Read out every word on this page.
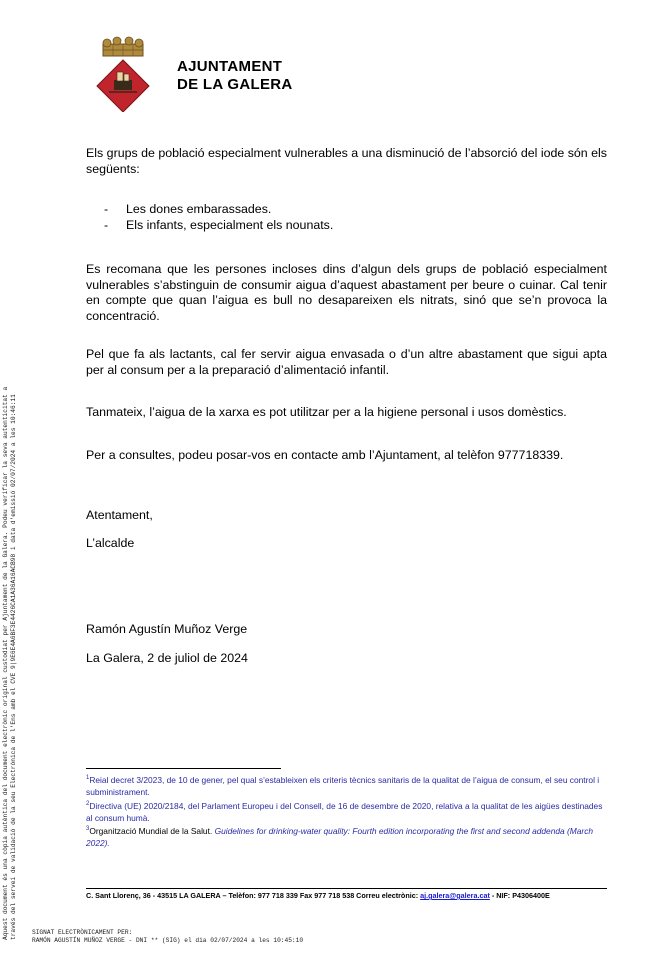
AJUNTAMENT
DE LA GALERA
Els grups de població especialment vulnerables a una disminució de l’absorció del iode són els següents:
-	Les dones embarassades.
-	Els infants, especialment els nounats.
Es recomana que les persones incloses dins d’algun dels grups de població especialment vulnerables s’abstinguin de consumir aigua d’aquest abastament per beure o cuinar. Cal tenir en compte que quan l’aigua es bull no desapareixen els nitrats, sinó que se’n provoca la concentració.
Pel que fa als lactants, cal fer servir aigua envasada o d’un altre abastament que sigui apta per al consum per a la preparació d’alimentació infantil.
Tanmateix, l’aigua de la xarxa es pot utilitzar per a la higiene personal i usos domèstics.
Per a consultes, podeu posar-vos en contacte amb l’Ajuntament, al telèfon 977718339.
Atentament,
L’alcalde
Ramón Agustín Muñoz Verge
La Galera, 2 de juliol de 2024
$^1$Reial decret 3/2023, de 10 de gener, pel qual s’estableixen els criteris tècnics sanitaris de la qualitat de l’aigua de consum, el seu control i subministrament.
$^2$Directiva (UE) 2020/2184, del Parlament Europeu i del Consell, de 16 de desembre de 2020, relativa a la qualitat de les aigües destinades al consum humà.
$^3$Organització Mundial de la Salut. Guidelines for drinking-water quality: Fourth edition incorporating the first and second addenda (March 2022).
C. Sant Llorenç, 36 - 43515 LA GALERA – Telèfon: 977 718 339 Fax 977 718 538 Correu electrònic: aj.galera@galera.cat - NIF: P4306400E
Aquest document és una còpia autèntica del document electrònic original custodiat per Ajuntament de la Galera. Podeu verificar la seva autenticitat a través del servei de validació de la seu Electrònica de l'Ens amb el CVE 9|9E6E4A6BF3E4426CA1A36A16ACB98 i data d'emissió 02/07/2024 a les 10:46:11 SIGNAT ELECTRÒNICAMENT PER:
RAMÓN AGUSTÍN MUÑOZ VERGE - DNI ** (SIG) el dia 02/07/2024 a les 10:45:10
